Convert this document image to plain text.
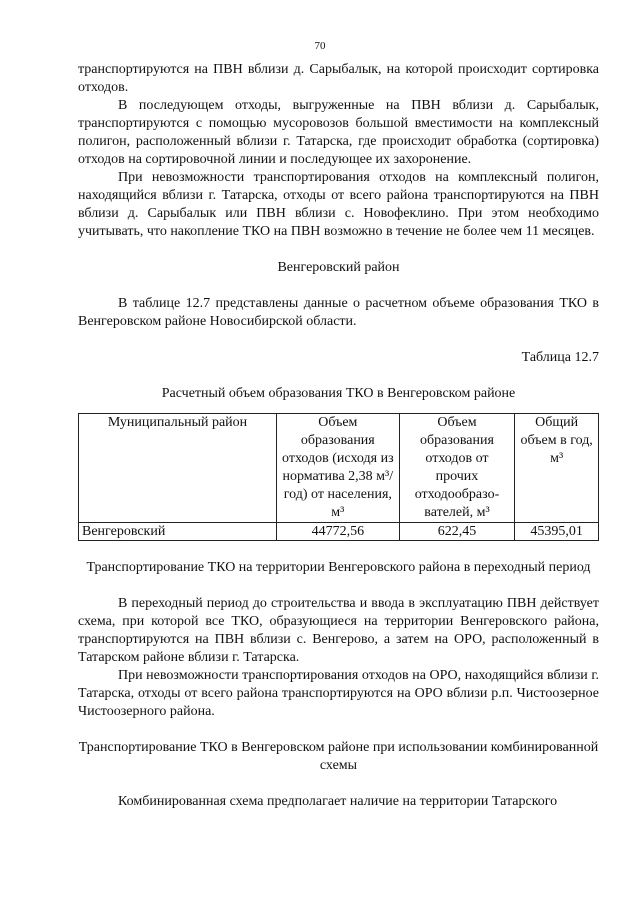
70

транспортируются на ПВН вблизи д. Сарыбалык, на которой происходит сортировка отходов.

В последующем отходы, выгруженные на ПВН вблизи д. Сарыбалык, транспортируются с помощью мусоровозов большой вместимости на комплексный полигон, расположенный вблизи г. Татарска, где происходит обработка (сортировка) отходов на сортировочной линии и последующее их захоронение.

При невозможности транспортирования отходов на комплексный полигон, находящийся вблизи г. Татарска, отходы от всего района транспортируются на ПВН вблизи д. Сарыбалык или ПВН вблизи с. Новофеклино. При этом необходимо учитывать, что накопление ТКО на ПВН возможно в течение не более чем 11 месяцев.

Венгеровский район

В таблице 12.7 представлены данные о расчетном объеме образования ТКО в Венгеровском районе Новосибирской области.

Таблица 12.7

Расчетный объем образования ТКО в Венгеровском районе

Муниципальный район	Объем образования отходов (исходя из норматива 2,38 м³/год) от населения, м³	Объем образования отходов от прочих отходообразо-вателей, м³	Общий объем в год, м³
Венгеровский	44772,56	622,45	45395,01

Транспортирование ТКО на территории Венгеровского района в переходный период

В переходный период до строительства и ввода в эксплуатацию ПВН действует схема, при которой все ТКО, образующиеся на территории Венгеровского района, транспортируются на ПВН вблизи с. Венгерово, а затем на ОРО, расположенный в Татарском районе вблизи г. Татарска.

При невозможности транспортирования отходов на ОРО, находящийся вблизи г. Татарска, отходы от всего района транспортируются на ОРО вблизи р.п. Чистоозерное Чистоозерного района.

Транспортирование ТКО в Венгеровском районе при использовании комбинированной схемы

Комбинированная схема предполагает наличие на территории Татарского
